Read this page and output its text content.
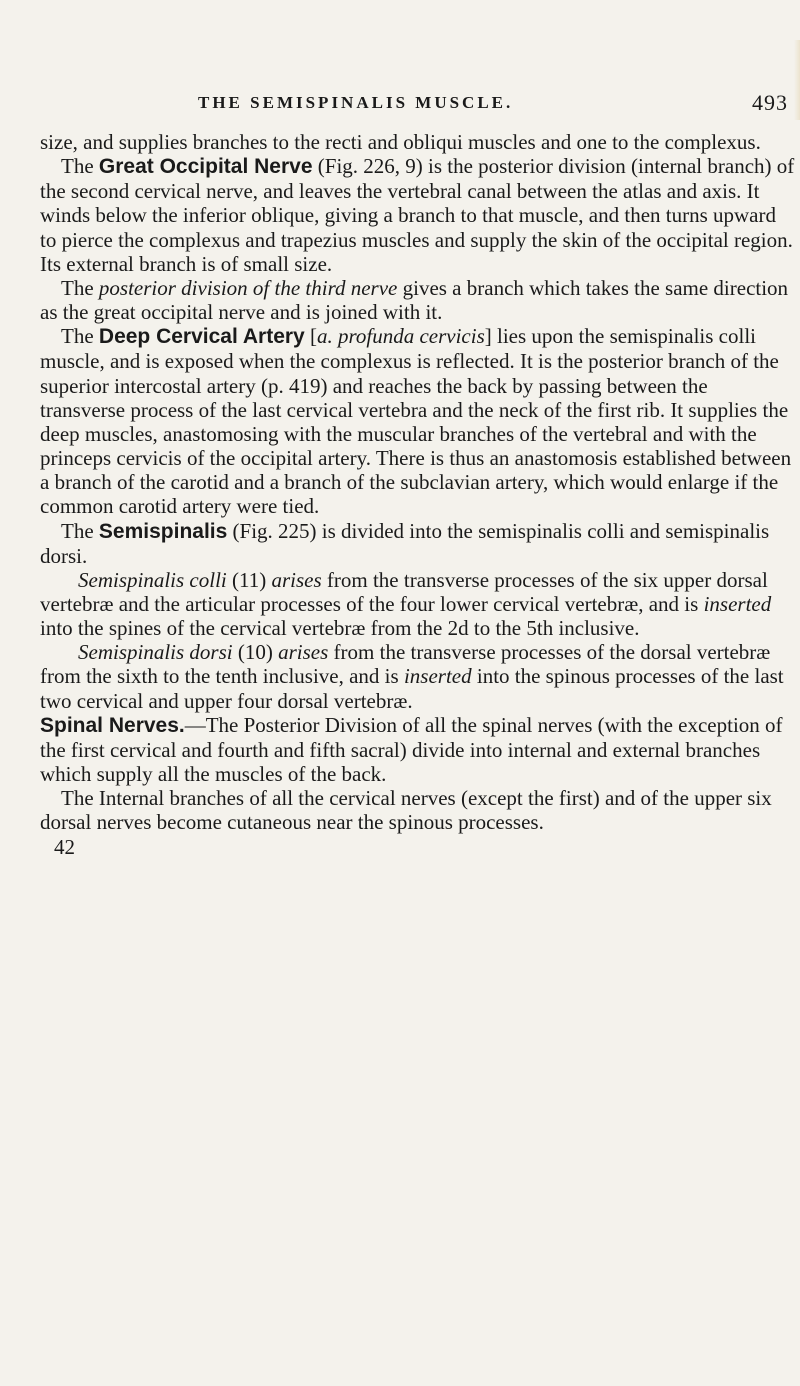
THE SEMISPINALIS MUSCLE.	493

size, and supplies branches to the recti and obliqui muscles and one to the complexus.

The Great Occipital Nerve (Fig. 226, 9) is the posterior division (internal branch) of the second cervical nerve, and leaves the vertebral canal between the atlas and axis. It winds below the inferior oblique, giving a branch to that muscle, and then turns upward to pierce the complexus and trapezius muscles and supply the skin of the occipital region. Its external branch is of small size.

The posterior division of the third nerve gives a branch which takes the same direction as the great occipital nerve and is joined with it.

The Deep Cervical Artery [a. profunda cervicis] lies upon the semispinalis colli muscle, and is exposed when the complexus is reflected. It is the posterior branch of the superior intercostal artery (p. 419) and reaches the back by passing between the transverse process of the last cervical vertebra and the neck of the first rib. It supplies the deep muscles, anastomosing with the muscular branches of the vertebral and with the princeps cervicis of the occipital artery. There is thus an anastomosis established between a branch of the carotid and a branch of the subclavian artery, which would enlarge if the common carotid artery were tied.

The Semispinalis (Fig. 225) is divided into the semispinalis colli and semispinalis dorsi.

Semispinalis colli (11) arises from the transverse processes of the six upper dorsal vertebræ and the articular processes of the four lower cervical vertebræ, and is inserted into the spines of the cervical vertebræ from the 2d to the 5th inclusive.

Semispinalis dorsi (10) arises from the transverse processes of the dorsal vertebræ from the sixth to the tenth inclusive, and is inserted into the spinous processes of the last two cervical and upper four dorsal vertebræ.

Spinal Nerves.—The Posterior Division of all the spinal nerves (with the exception of the first cervical and fourth and fifth sacral) divide into internal and external branches which supply all the muscles of the back.

The Internal branches of all the cervical nerves (except the first) and of the upper six dorsal nerves become cutaneous near the spinous processes.

42
